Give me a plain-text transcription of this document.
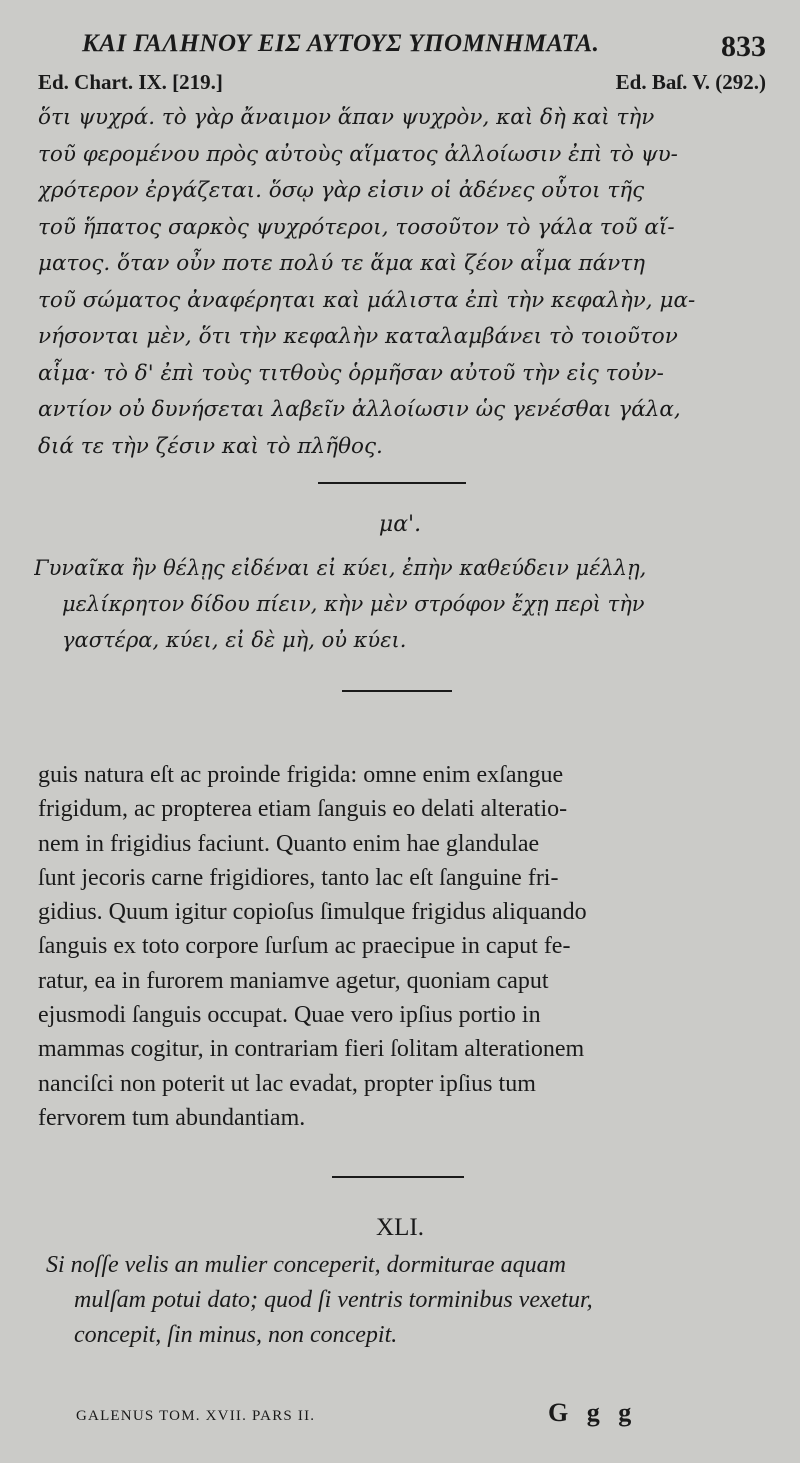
ΚΑΙ ΓΑΛΗΝΟΥ ΕΙΣ ΑΥΤΟΥΣ ΥΠΟΜΝΗΜΑΤΑ.	833
Ed. Chart. IX. [219.]	Ed. Baſ. V. (292.)
ὅτι ψυχρά. τὸ γὰρ ἄναιμον ἅπαν ψυχρὸν, καὶ δὴ καὶ τὴν
τοῦ φερομένου πρὸς αὐτοὺς αἵματος ἀλλοίωσιν ἐπὶ τὸ ψυ-
χρότερον ἐργάζεται. ὅσῳ γὰρ εἰσιν οἱ ἀδένες οὗτοι τῆς
τοῦ ἥπατος σαρκὸς ψυχρότεροι, τοσοῦτον τὸ γάλα τοῦ αἵ-
ματος. ὅταν οὖν ποτε πολύ τε ἅμα καὶ ζέον αἷμα πάντη
τοῦ σώματος ἀναφέρηται καὶ μάλιστα ἐπὶ τὴν κεφαλὴν, μα-
νήσονται μὲν, ὅτι τὴν κεφαλὴν καταλαμβάνει τὸ τοιοῦτον
αἷμα· τὸ δ' ἐπὶ τοὺς τιτθοὺς ὁρμῆσαν αὐτοῦ τὴν εἰς τοὐν-
αντίον οὐ δυνήσεται λαβεῖν ἀλλοίωσιν ὡς γενέσθαι γάλα,
διά τε τὴν ζέσιν καὶ τὸ πλῆθος.
μα'.
Γυναῖκα ἢν θέλῃς εἰδέναι εἰ κύει, ἐπὴν καθεύδειν μέλλῃ,
μελίκρητον δίδου πίειν, κὴν μὲν στρόφον ἔχῃ περὶ τὴν
γαστέρα, κύει, εἰ δὲ μὴ, οὐ κύει.
guis natura eſt ac proinde frigida: omne enim exſangue
frigidum, ac propterea etiam ſanguis eo delati alteratio-
nem in frigidius faciunt. Quanto enim hae glandulae
ſunt jecoris carne frigidiores, tanto lac eſt ſanguine fri-
gidius. Quum igitur copioſus ſimulque frigidus aliquando
ſanguis ex toto corpore ſurſum ac praecipue in caput fe-
ratur, ea in furorem maniamve agetur, quoniam caput
ejusmodi ſanguis occupat. Quae vero ipſius portio in
mammas cogitur, in contrariam fieri ſolitam alterationem
nanciſci non poterit ut lac evadat, propter ipſius tum
fervorem tum abundantiam.
XLI.
Si noſſe velis an mulier conceperit, dormiturae aquam
mulſam potui dato; quod ſi ventris torminibus vexetur,
concepit, ſin minus, non concepit.
GALENUS TOM. XVII. PARS II.	G g g
